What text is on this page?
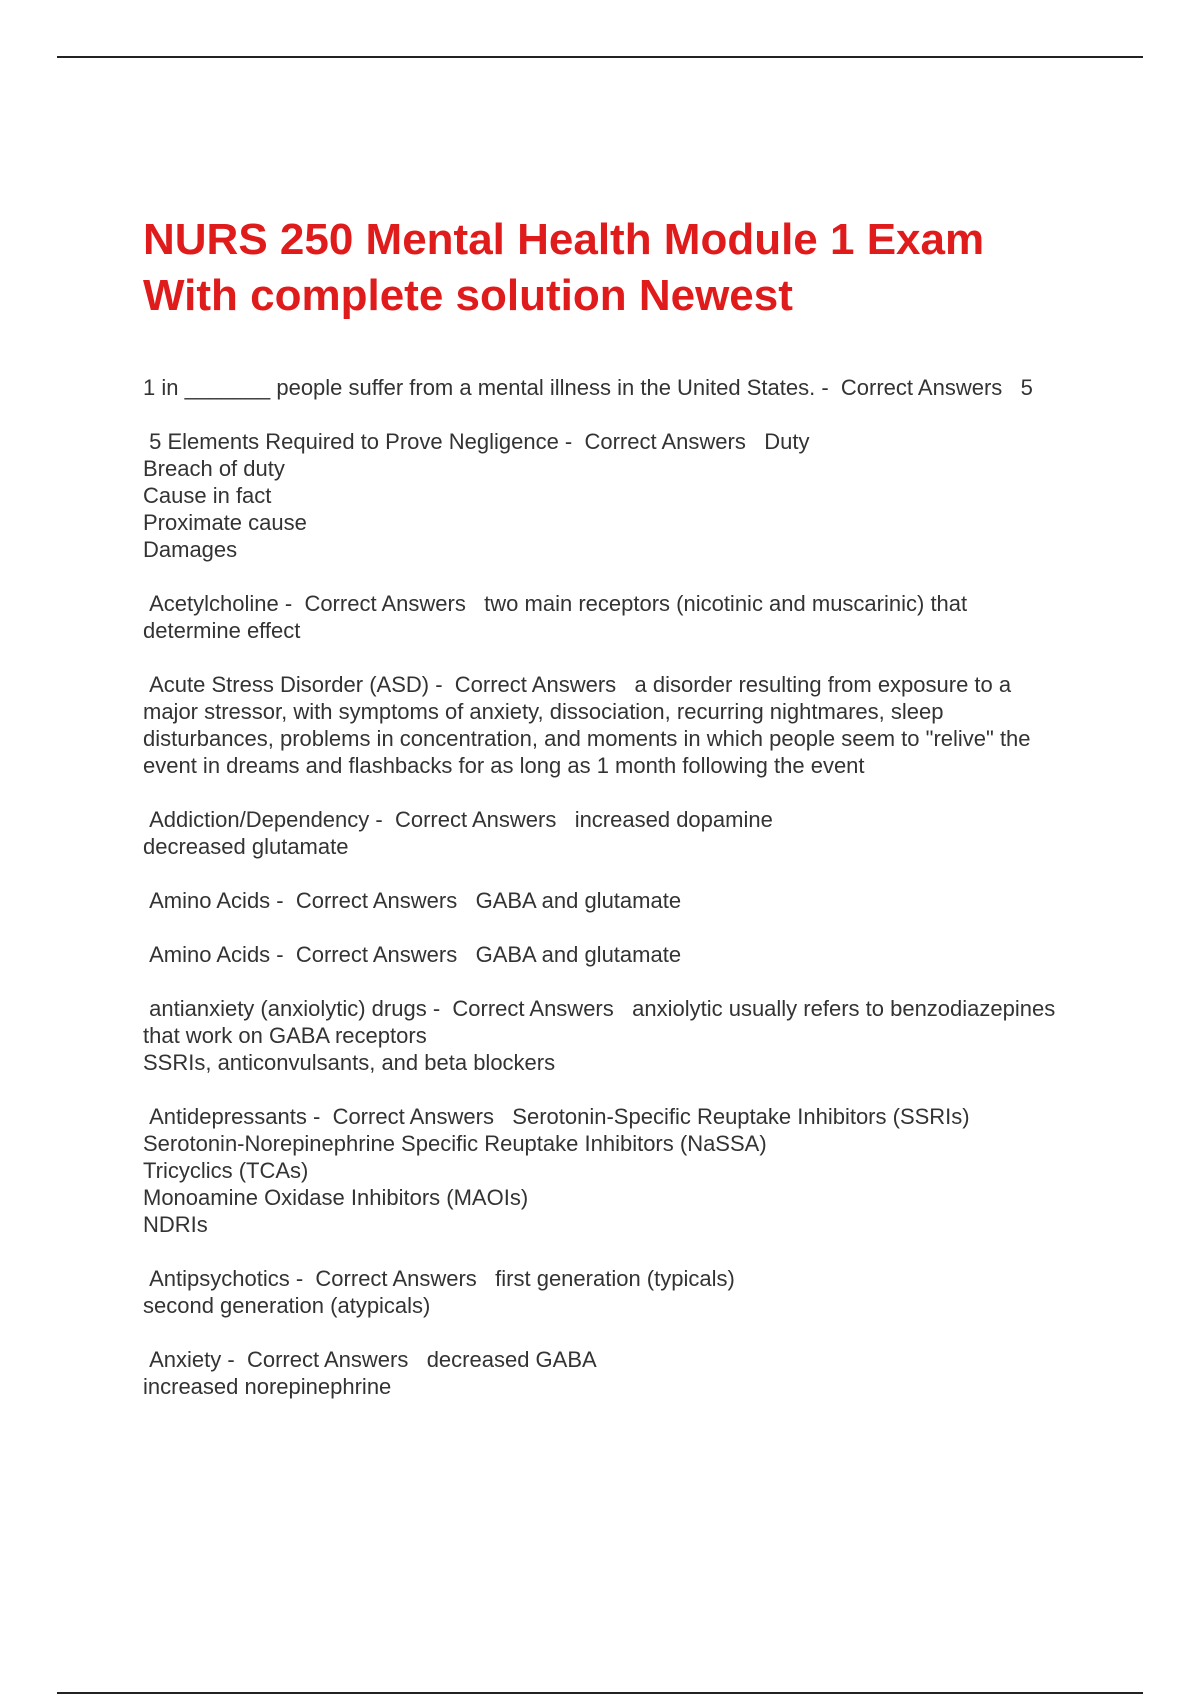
NURS 250 Mental Health Module 1 Exam
With complete solution Newest
1 in _______ people suffer from a mental illness in the United States. -  Correct Answers 5
5 Elements Required to Prove Negligence -  Correct Answers Duty
Breach of duty
Cause in fact
Proximate cause
Damages
Acetylcholine -  Correct Answers two main receptors (nicotinic and muscarinic) that determine effect
Acute Stress Disorder (ASD) -  Correct Answers a disorder resulting from exposure to a major stressor, with symptoms of anxiety, dissociation, recurring nightmares, sleep disturbances, problems in concentration, and moments in which people seem to "relive" the event in dreams and flashbacks for as long as 1 month following the event
Addiction/Dependency -  Correct Answers increased dopamine
decreased glutamate
Amino Acids -  Correct Answers GABA and glutamate
Amino Acids -  Correct Answers GABA and glutamate
antianxiety (anxiolytic) drugs -  Correct Answers anxiolytic usually refers to benzodiazepines that work on GABA receptors
SSRIs, anticonvulsants, and beta blockers
Antidepressants -  Correct Answers Serotonin-Specific Reuptake Inhibitors (SSRIs)
Serotonin-Norepinephrine Specific Reuptake Inhibitors (NaSSA)
Tricyclics (TCAs)
Monoamine Oxidase Inhibitors (MAOIs)
NDRIs
Antipsychotics -  Correct Answers first generation (typicals)
second generation (atypicals)
Anxiety -  Correct Answers decreased GABA
increased norepinephrine
